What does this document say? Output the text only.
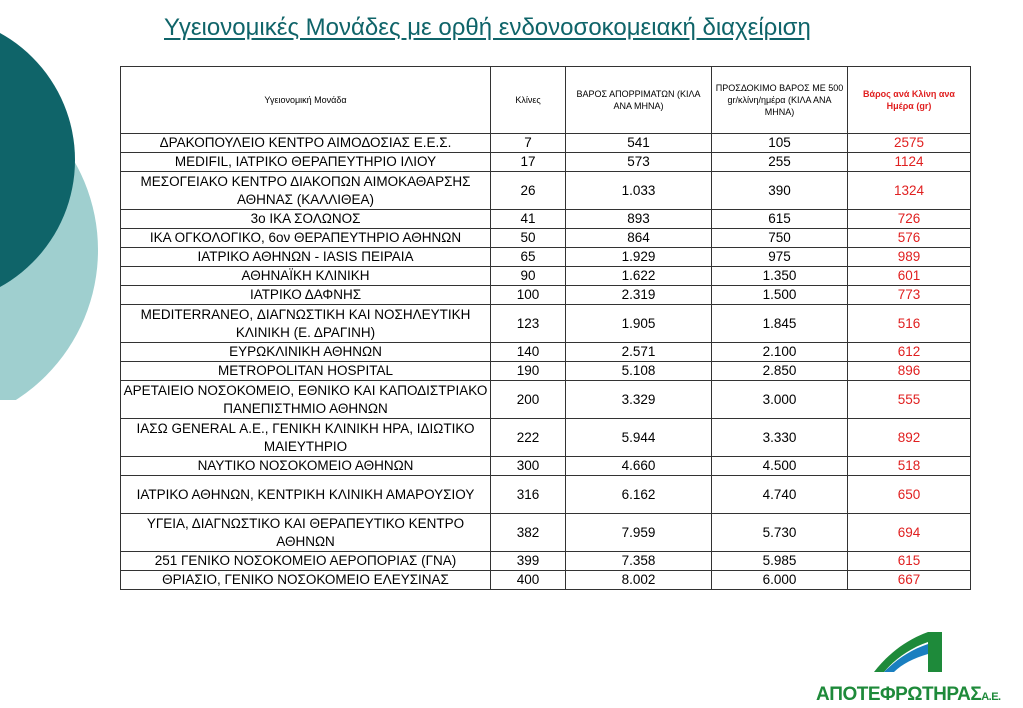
Υγειονομικές Μονάδες με ορθή ενδονοσοκομειακή διαχείριση
Υγειονομική Μονάδα	Κλίνες	ΒΑΡΟΣ ΑΠΟΡΡΙΜΑΤΩΝ (ΚΙΛΑ ΑΝΑ ΜΗΝΑ)	ΠΡΟΣΔΟΚΙΜΟ ΒΑΡΟΣ ΜΕ 500 gr/κλίνη/ημέρα (ΚΙΛΑ ΑΝΑ ΜΗΝΑ)	Βάρος ανά Κλίνη ανα Ημέρα (gr)
ΔΡΑΚΟΠΟΥΛΕΙΟ ΚΕΝΤΡΟ ΑΙΜΟΔΟΣΙΑΣ Ε.Ε.Σ.	7	541	105	2575
MEDIFIL, ΙΑΤΡΙΚΟ ΘΕΡΑΠΕΥΤΗΡΙΟ ΙΛΙΟΥ	17	573	255	1124
ΜΕΣΟΓΕΙΑΚΟ ΚΕΝΤΡΟ ΔΙΑΚΟΠΩΝ ΑΙΜΟΚΑΘΑΡΣΗΣ ΑΘΗΝΑΣ (ΚΑΛΛΙΘΕΑ)	26	1.033	390	1324
3ο ΙΚΑ ΣΟΛΩΝΟΣ	41	893	615	726
ΙΚΑ ΟΓΚΟΛΟΓΙΚΟ, 6ον ΘΕΡΑΠΕΥΤΗΡΙΟ ΑΘΗΝΩΝ	50	864	750	576
ΙΑΤΡΙΚΟ ΑΘΗΝΩΝ - IASIS ΠΕΙΡΑΙΑ	65	1.929	975	989
ΑΘΗΝΑΪΚΗ ΚΛΙΝΙΚΗ	90	1.622	1.350	601
ΙΑΤΡΙΚΟ ΔΑΦΝΗΣ	100	2.319	1.500	773
MEDITERRANEO, ΔΙΑΓΝΩΣΤΙΚΗ ΚΑΙ ΝΟΣΗΛΕΥΤΙΚΗ ΚΛΙΝΙΚΗ (Ε. ΔΡΑΓΙΝΗ)	123	1.905	1.845	516
ΕΥΡΩΚΛΙΝΙΚΗ ΑΘΗΝΩΝ	140	2.571	2.100	612
METROPOLITAN HOSPITAL	190	5.108	2.850	896
ΑΡΕΤΑΙΕΙΟ ΝΟΣΟΚΟΜΕΙΟ, ΕΘΝΙΚΟ ΚΑΙ ΚΑΠΟΔΙΣΤΡΙΑΚΟ ΠΑΝΕΠΙΣΤΗΜΙΟ ΑΘΗΝΩΝ	200	3.329	3.000	555
ΙΑΣΩ GENERAL Α.Ε., ΓΕΝΙΚΗ ΚΛΙΝΙΚΗ ΗΡΑ, ΙΔΙΩΤΙΚΟ ΜΑΙΕΥΤΗΡΙΟ	222	5.944	3.330	892
ΝΑΥΤΙΚΟ ΝΟΣΟΚΟΜΕΙΟ ΑΘΗΝΩΝ	300	4.660	4.500	518
ΙΑΤΡΙΚΟ ΑΘΗΝΩΝ, ΚΕΝΤΡΙΚΗ ΚΛΙΝΙΚΗ ΑΜΑΡΟΥΣΙΟΥ	316	6.162	4.740	650
ΥΓΕΙΑ, ΔΙΑΓΝΩΣΤΙΚΟ ΚΑΙ ΘΕΡΑΠΕΥΤΙΚΟ ΚΕΝΤΡΟ ΑΘΗΝΩΝ	382	7.959	5.730	694
251 ΓΕΝΙΚΟ ΝΟΣΟΚΟΜΕΙΟ ΑΕΡΟΠΟΡΙΑΣ (ΓΝΑ)	399	7.358	5.985	615
ΘΡΙΑΣΙΟ, ΓΕΝΙΚΟ ΝΟΣΟΚΟΜΕΙΟ ΕΛΕΥΣΙΝΑΣ	400	8.002	6.000	667
ΑΠΟΤΕΦΡΩΤΗΡΑΣΑ.Ε.
